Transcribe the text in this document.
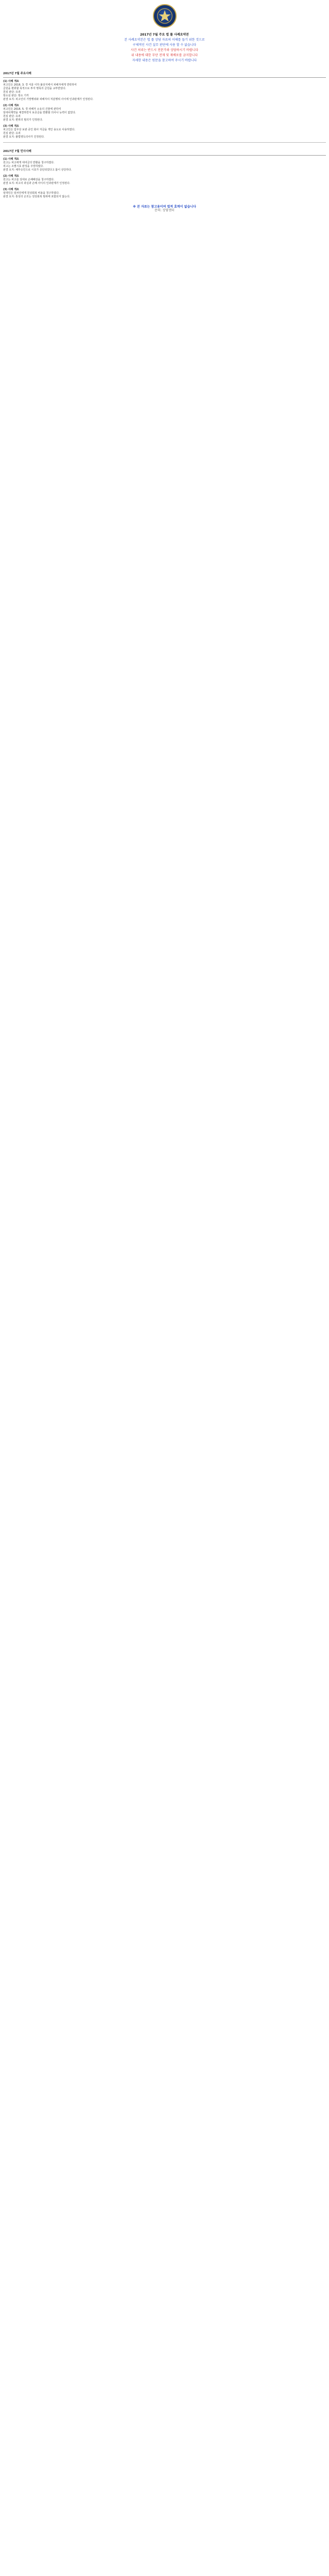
2017년 7월 주요 법 률 사례요약본

본 사례요약본은 법 률 상담 자료의 이해를 돕기 위한 것으로

구체적인 사건 실무 판단에 사용 할 수 없습니다

사건 처리는 반드시 전문가와 상담하시기 바랍니다

위 내용에 대한 무단 전재 및 재배포를 금지합니다

자세한 내용은 원문을 참고하여 주시기 바랍니다

2017년 7월 주요사례

(1) 사례 개요

피고인은 2016. 3. 경 서울 이하 불상지에서 피해자에게 연락하여

금원을 편취할 목적으로 투자 명목의 금원을 교부받았다.

원심 판단: 유죄

항소심 판단: 항소 기각

판결 요지: 피고인의 기망행위와 피해자의 처분행위 사이에 인과관계가 인정된다.

(2) 사례 개요

피고인은 2016. 5. 경 피해자 소유의 건물에 관하여

임대차계약을 체결하면서 보증금을 반환할 의사나 능력이 없었다.

원심 판단: 유죄

판결 요지: 편취의 범의가 인정된다.

(3) 사례 개요

피고인은 업무상 보관 중인 회사 자금을 개인 용도로 사용하였다.

원심 판단: 유죄

판결 요지: 불법영득의사가 인정된다.

2017년 7월 민사사례

(1) 사례 개요

원고는 피고에게 대여금의 반환을 청구하였다.

피고는 소멸시효 완성을 주장하였다.

판결 요지: 채무승인으로 시효가 중단되었다고 봄이 상당하다.

(2) 사례 개요

원고는 피고를 상대로 손해배상을 청구하였다.

판결 요지: 피고의 과실과 손해 사이의 인과관계가 인정된다.

(3) 사례 개요

임대인은 임차인에게 원상회복 비용을 청구하였다.

판결 요지: 통상의 손모는 원상회복 범위에 포함되지 않는다.

※ 본 자료는 참고용이며 법적 효력이 없습니다

문의: 상담센터
